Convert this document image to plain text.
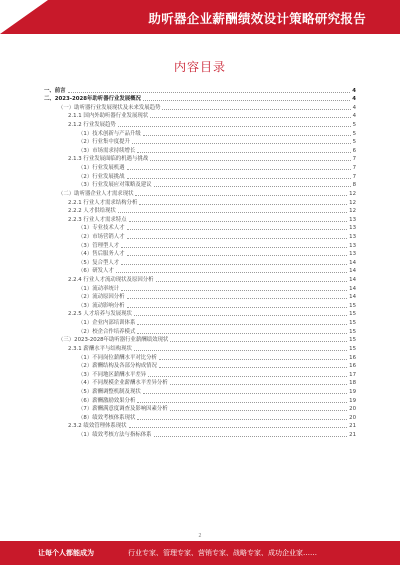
助听器企业薪酬绩效设计策略研究报告
内容目录
一、前言	4
二、2023-2028年助听器行业发展概况	4
（一）助听器行业发展现状及未来发展趋势	4
2.1.1 国内外助听器行业发展现状	4
2.1.2 行业发展趋势	5
（1）技术创新与产品升级	5
（2）行业集中度提升	5
（3）市场需求持续增长	6
2.1.3 行业发展面临的机遇与挑战	7
（1）行业发展机遇	7
（2）行业发展挑战	7
（3）行业发展应对策略及建议	8
（二）助听器企业人才需求现状	12
2.2.1 行业人才需求结构分析	12
2.2.2 人才供给现状	12
2.2.3 行业人才需求特点	13
（1）专业技术人才	13
（2）市场营销人才	13
（3）管理型人才	13
（4）售后服务人才	13
（5）复合型人才	14
（6）研发人才	14
2.2.4 行业人才流动现状及原因分析	14
（1）流动率统计	14
（2）流动原因分析	14
（3）流动影响分析	15
2.2.5 人才培养与发展现状	15
（1）企业内部培训体系	15
（2）校企合作培养模式	15
（三）2023-2028年助听器行业薪酬绩效现状	15
2.3.1 薪酬水平与结构现状	15
（1）不同岗位薪酬水平对比分析	16
（2）薪酬结构及各部分构成情况	16
（3）不同地区薪酬水平差异	17
（4）不同规模企业薪酬水平差异分析	18
（5）薪酬调整机制及现状	19
（6）薪酬激励效果分析	19
（7）薪酬满意度调查及影响因素分析	20
（8）绩效考核体系现状	20
2.3.2 绩效管理体系现状	21
（1）绩效考核方法与指标体系	21
2
让每个人都能成为	行业专家、管理专家、营销专家、战略专家、成功企业家……
